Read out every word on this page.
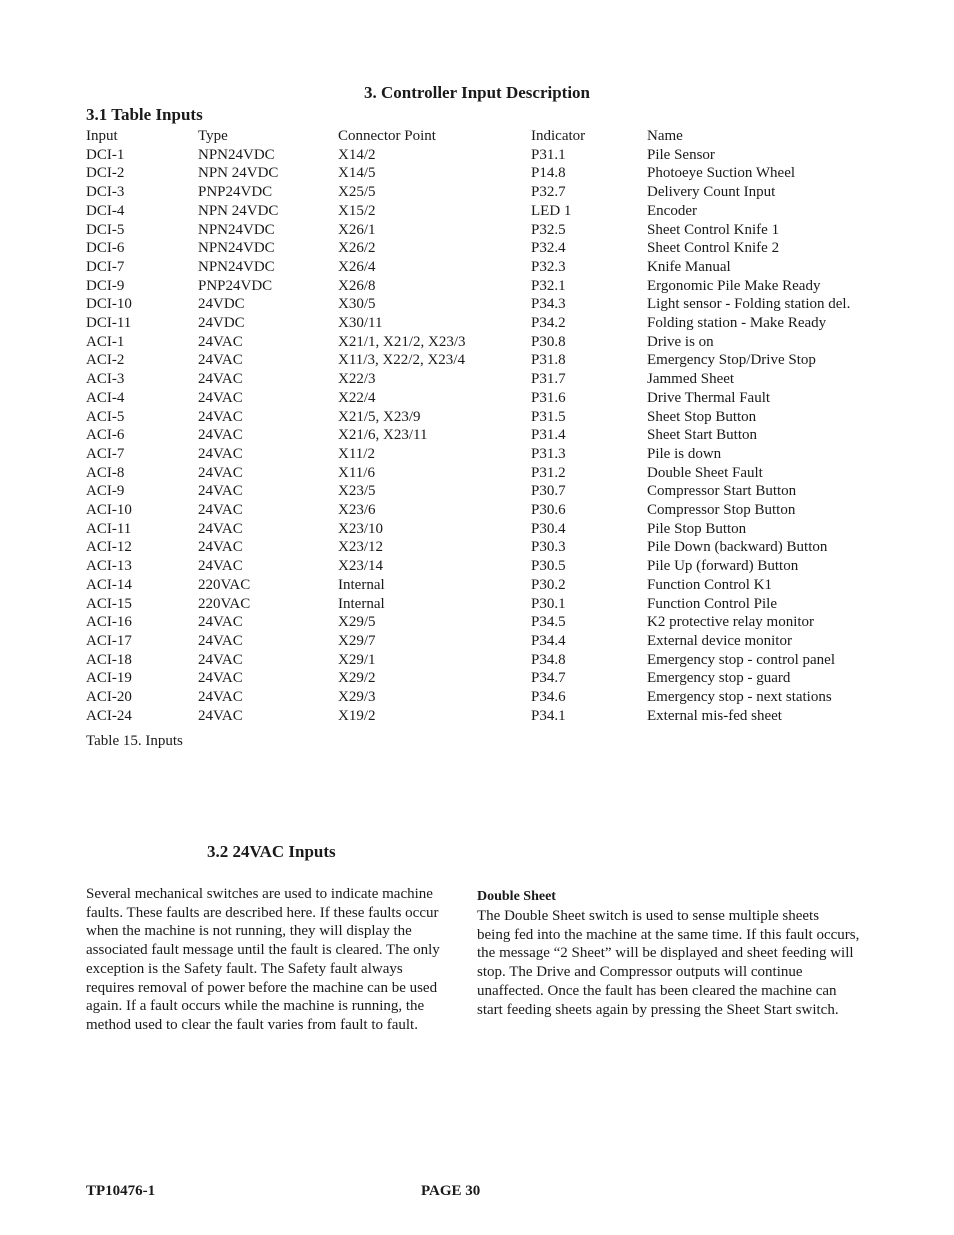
3. Controller Input Description
3.1 Table Inputs
Input	Type	Connector Point	Indicator	Name
DCI-1	NPN24VDC	X14/2	P31.1	Pile Sensor
DCI-2	NPN 24VDC	X14/5	P14.8	Photoeye Suction Wheel
DCI-3	PNP24VDC	X25/5	P32.7	Delivery Count Input
DCI-4	NPN 24VDC	X15/2	LED 1	Encoder
DCI-5	NPN24VDC	X26/1	P32.5	Sheet Control Knife 1
DCI-6	NPN24VDC	X26/2	P32.4	Sheet Control Knife 2
DCI-7	NPN24VDC	X26/4	P32.3	Knife Manual
DCI-9	PNP24VDC	X26/8	P32.1	Ergonomic Pile Make Ready
DCI-10	24VDC	X30/5	P34.3	Light sensor - Folding station del.
DCI-11	24VDC	X30/11	P34.2	Folding station - Make Ready
ACI-1	24VAC	X21/1, X21/2, X23/3	P30.8	Drive is on
ACI-2	24VAC	X11/3, X22/2, X23/4	P31.8	Emergency Stop/Drive Stop
ACI-3	24VAC	X22/3	P31.7	Jammed Sheet
ACI-4	24VAC	X22/4	P31.6	Drive Thermal Fault
ACI-5	24VAC	X21/5, X23/9	P31.5	Sheet Stop Button
ACI-6	24VAC	X21/6, X23/11	P31.4	Sheet Start Button
ACI-7	24VAC	X11/2	P31.3	Pile is down
ACI-8	24VAC	X11/6	P31.2	Double Sheet Fault
ACI-9	24VAC	X23/5	P30.7	Compressor Start Button
ACI-10	24VAC	X23/6	P30.6	Compressor Stop Button
ACI-11	24VAC	X23/10	P30.4	Pile Stop Button
ACI-12	24VAC	X23/12	P30.3	Pile Down (backward) Button
ACI-13	24VAC	X23/14	P30.5	Pile Up (forward) Button
ACI-14	220VAC	Internal	P30.2	Function Control K1
ACI-15	220VAC	Internal	P30.1	Function Control Pile
ACI-16	24VAC	X29/5	P34.5	K2 protective relay monitor
ACI-17	24VAC	X29/7	P34.4	External device monitor
ACI-18	24VAC	X29/1	P34.8	Emergency stop - control panel
ACI-19	24VAC	X29/2	P34.7	Emergency stop - guard
ACI-20	24VAC	X29/3	P34.6	Emergency stop - next stations
ACI-24	24VAC	X19/2	P34.1	External mis-fed sheet
Table 15. Inputs
3.2 24VAC Inputs
Several mechanical switches are used to indicate machine
faults. These faults are described here. If these faults occur
when the machine is not running, they will display the
associated fault message until the fault is cleared. The only
exception is the Safety fault. The Safety fault always
requires removal of power before the machine can be used
again. If a fault occurs while the machine is running, the
method used to clear the fault varies from fault to fault.
Double Sheet
The Double Sheet switch is used to sense multiple sheets
being fed into the machine at the same time. If this fault occurs,
the message “2 Sheet” will be displayed and sheet feeding will
stop. The Drive and Compressor outputs will continue
unaffected. Once the fault has been cleared the machine can
start feeding sheets again by pressing the Sheet Start switch.
TP10476-1	PAGE 30
